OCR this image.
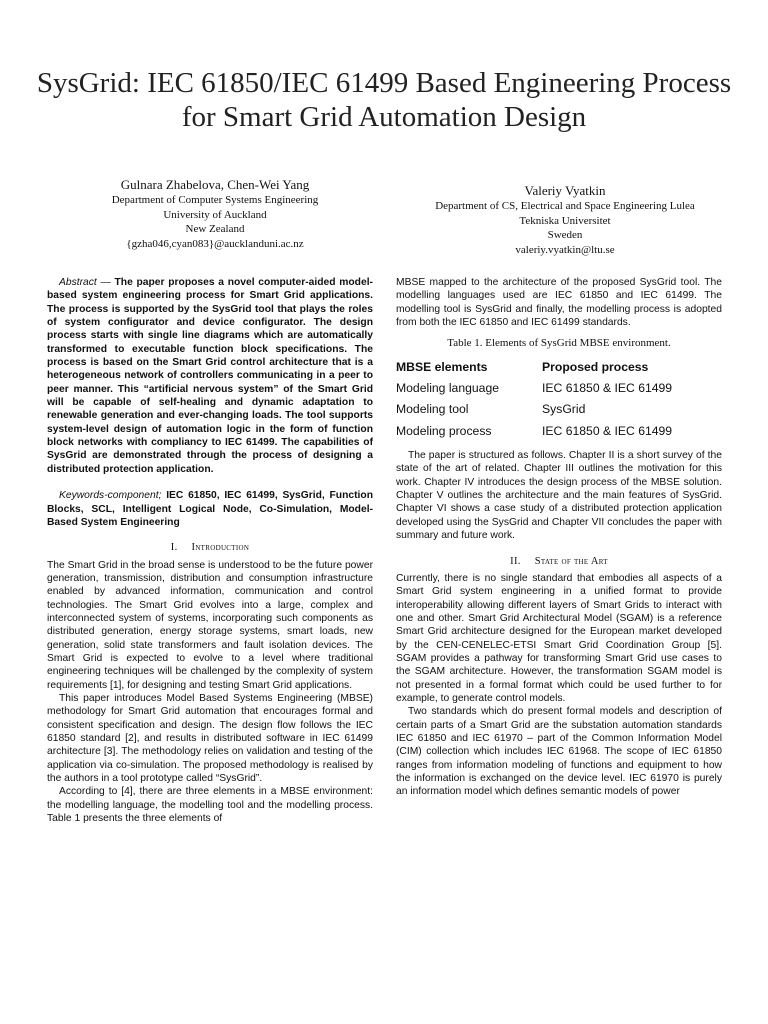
SysGrid: IEC 61850/IEC 61499 Based Engineering Process for Smart Grid Automation Design
Gulnara Zhabelova, Chen-Wei Yang
Department of Computer Systems Engineering
University of Auckland
New Zealand
{gzha046,cyan083}@aucklanduni.ac.nz
Valeriy Vyatkin
Department of CS, Electrical and Space Engineering Lulea
Tekniska Universitet
Sweden
valeriy.vyatkin@ltu.se

Abstract — The paper proposes a novel computer-aided model-based system engineering process for Smart Grid applications. The process is supported by the SysGrid tool that plays the roles of system configurator and device configurator. The design process starts with single line diagrams which are automatically transformed to executable function block specifications. The process is based on the Smart Grid control architecture that is a heterogeneous network of controllers communicating in a peer to peer manner. This “artificial nervous system” of the Smart Grid will be capable of self-healing and dynamic adaptation to renewable generation and ever-changing loads. The tool supports system-level design of automation logic in the form of function block networks with compliancy to IEC 61499. The capabilities of SysGrid are demonstrated through the process of designing a distributed protection application.

Keywords-component; IEC 61850, IEC 61499, SysGrid, Function Blocks, SCL, Intelligent Logical Node, Co-Simulation, Model-Based System Engineering

I. Introduction

The Smart Grid in the broad sense is understood to be the future power generation, transmission, distribution and consumption infrastructure enabled by advanced information, communication and control technologies. The Smart Grid evolves into a large, complex and interconnected system of systems, incorporating such components as distributed generation, energy storage systems, smart loads, new generation, solid state transformers and fault isolation devices. The Smart Grid is expected to evolve to a level where traditional engineering techniques will be challenged by the complexity of system requirements [1], for designing and testing Smart Grid applications.

This paper introduces Model Based Systems Engineering (MBSE) methodology for Smart Grid automation that encourages formal and consistent specification and design. The design flow follows the IEC 61850 standard [2], and results in distributed software in IEC 61499 architecture [3]. The methodology relies on validation and testing of the application via co-simulation. The proposed methodology is realised by the authors in a tool prototype called “SysGrid”.

According to [4], there are three elements in a MBSE environment: the modelling language, the modelling tool and the modelling process. Table 1 presents the three elements of

MBSE mapped to the architecture of the proposed SysGrid tool. The modelling languages used are IEC 61850 and IEC 61499. The modelling tool is SysGrid and finally, the modelling process is adopted from both the IEC 61850 and IEC 61499 standards.

Table 1. Elements of SysGrid MBSE environment.
MBSE elements	Proposed process
Modeling language	IEC 61850 & IEC 61499
Modeling tool	SysGrid
Modeling process	IEC 61850 & IEC 61499

The paper is structured as follows. Chapter II is a short survey of the state of the art of related. Chapter III outlines the motivation for this work. Chapter IV introduces the design process of the MBSE solution. Chapter V outlines the architecture and the main features of SysGrid. Chapter VI shows a case study of a distributed protection application developed using the SysGrid and Chapter VII concludes the paper with summary and future work.

II. State of the Art

Currently, there is no single standard that embodies all aspects of a Smart Grid system engineering in a unified format to provide interoperability allowing different layers of Smart Grids to interact with one and other. Smart Grid Architectural Model (SGAM) is a reference Smart Grid architecture designed for the European market developed by the CEN-CENELEC-ETSI Smart Grid Coordination Group [5]. SGAM provides a pathway for transforming Smart Grid use cases to the SGAM architecture. However, the transformation SGAM model is not presented in a formal format which could be used further to for example, to generate control models.

Two standards which do present formal models and description of certain parts of a Smart Grid are the substation automation standards IEC 61850 and IEC 61970 – part of the Common Information Model (CIM) collection which includes IEC 61968. The scope of IEC 61850 ranges from information modeling of functions and equipment to how the information is exchanged on the device level. IEC 61970 is purely an information model which defines semantic models of power
